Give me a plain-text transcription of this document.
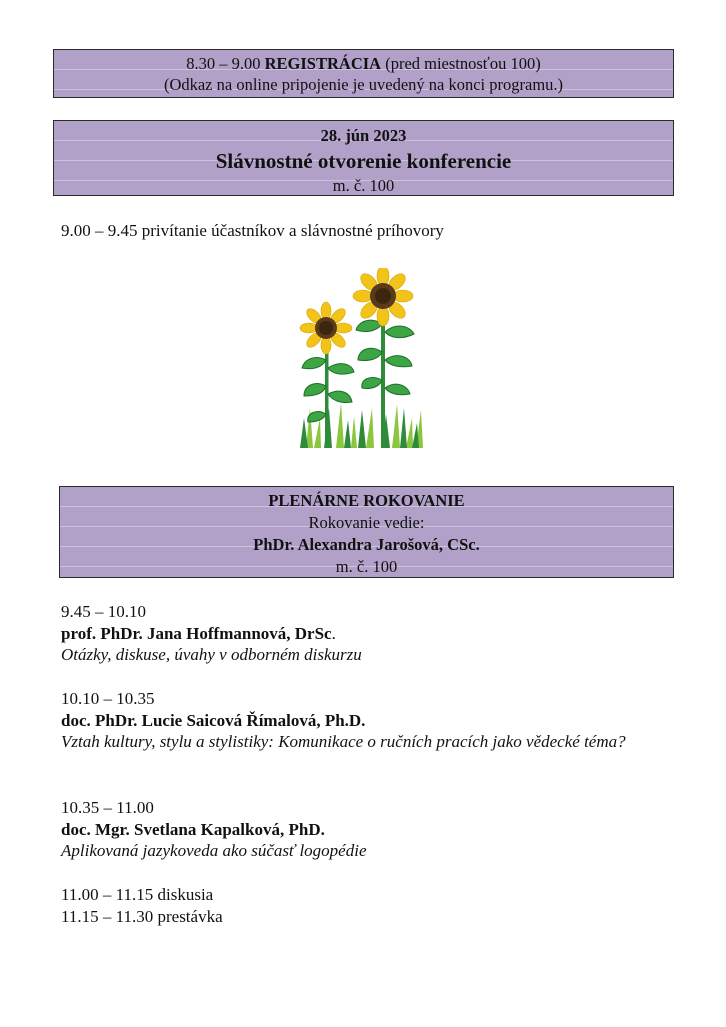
8.30 – 9.00 REGISTRÁCIA (pred miestnosťou 100)
(Odkaz na online pripojenie je uvedený na konci programu.)
28. jún 2023
Slávnostné otvorenie konferencie
m. č. 100
9.00 – 9.45 privítanie účastníkov a slávnostné príhovory
PLENÁRNE ROKOVANIE
Rokovanie vedie:
PhDr. Alexandra Jarošová, CSc.
m. č. 100
9.45 – 10.10
prof. PhDr. Jana Hoffmannová, DrSc.
Otázky, diskuse, úvahy v odborném diskurzu
10.10 – 10.35
doc. PhDr. Lucie Saicová Římalová, Ph.D.
Vztah kultury, stylu a stylistiky: Komunikace o ručních pracích jako vědecké téma?
10.35 – 11.00
doc. Mgr. Svetlana Kapalková, PhD.
Aplikovaná jazykoveda ako súčasť logopédie
11.00 – 11.15 diskusia
11.15 – 11.30 prestávka
